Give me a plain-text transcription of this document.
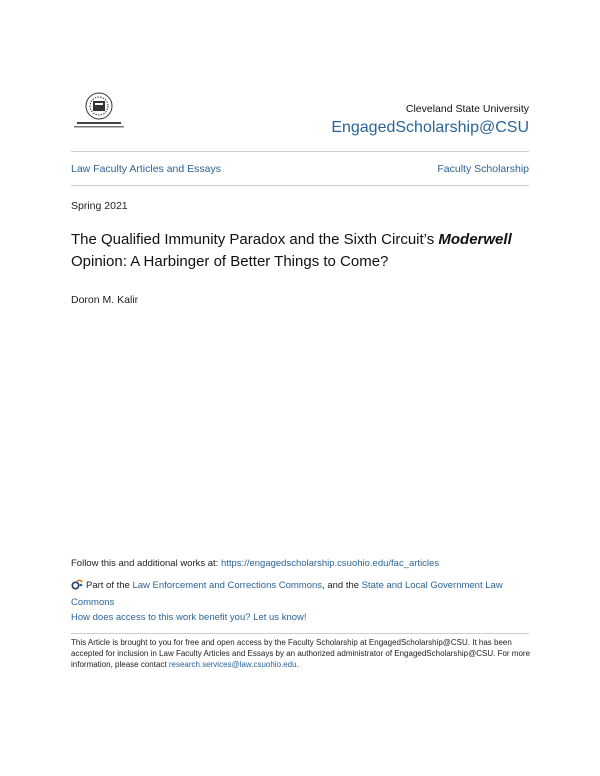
Cleveland State University
EngagedScholarship@CSU
Law Faculty Articles and Essays	Faculty Scholarship
Spring 2021
The Qualified Immunity Paradox and the Sixth Circuit’s Moderwell Opinion: A Harbinger of Better Things to Come?
Doron M. Kalir
Follow this and additional works at: https://engagedscholarship.csuohio.edu/fac_articles
Part of the Law Enforcement and Corrections Commons, and the State and Local Government Law Commons
How does access to this work benefit you? Let us know!
This Article is brought to you for free and open access by the Faculty Scholarship at EngagedScholarship@CSU. It has been accepted for inclusion in Law Faculty Articles and Essays by an authorized administrator of EngagedScholarship@CSU. For more information, please contact research.services@law.csuohio.edu.
